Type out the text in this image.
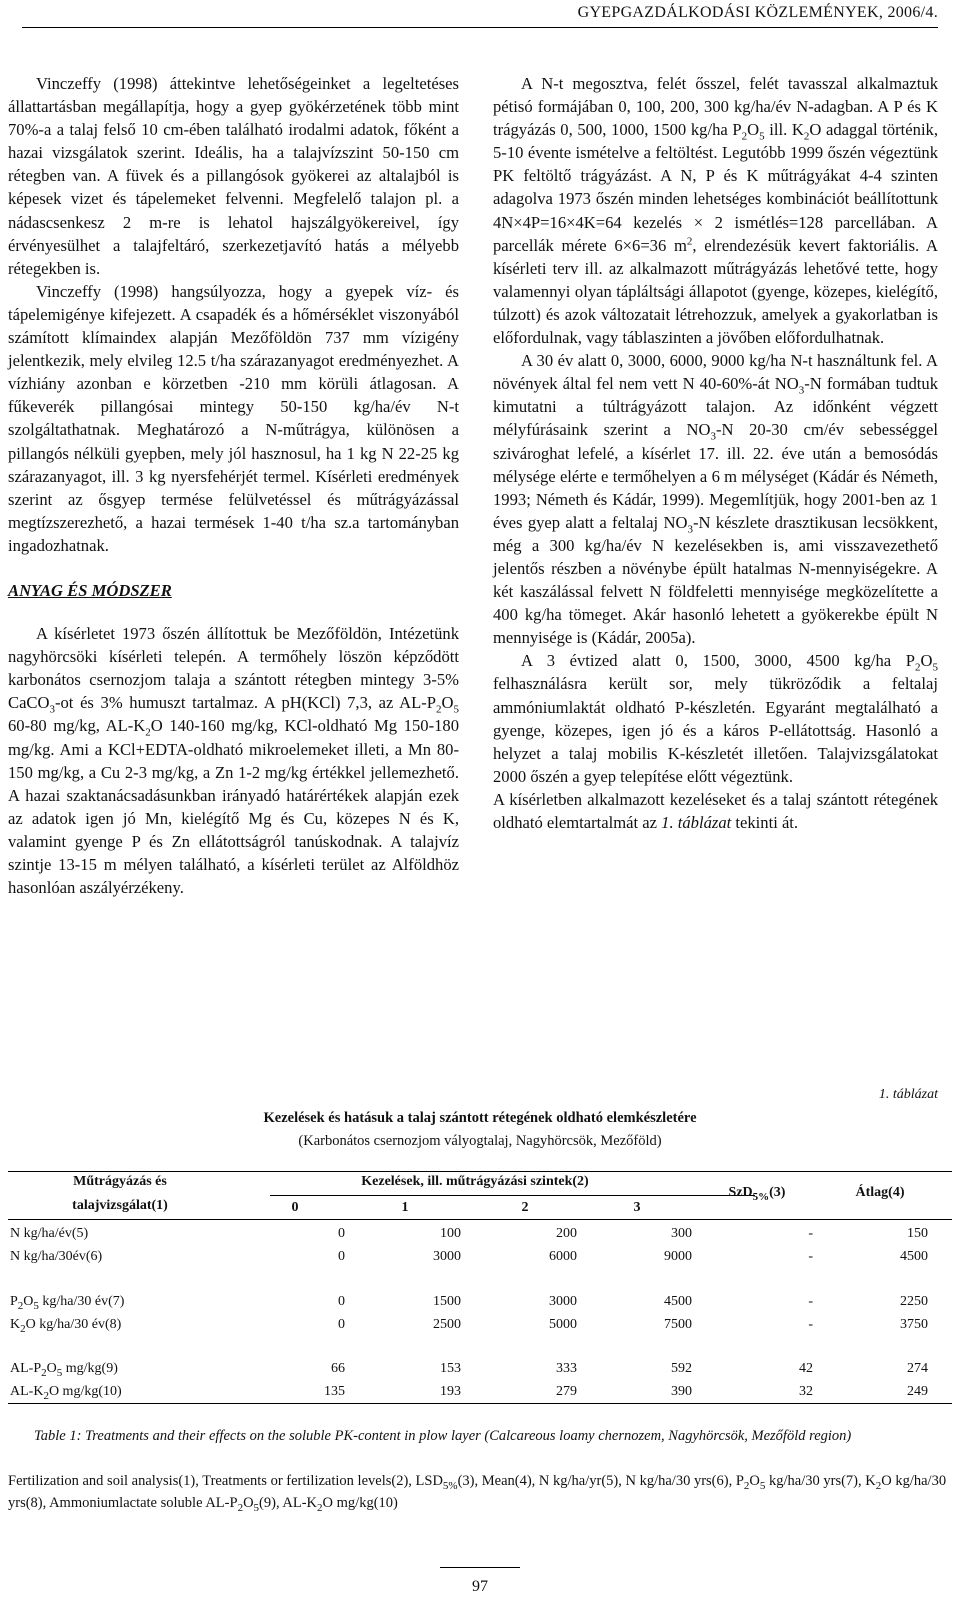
GYEPGAZDÁLKODÁSI KÖZLEMÉNYEK, 2006/4.

Vinczeffy (1998) áttekintve lehetőségeinket a legeltetéses állattartásban megállapítja, hogy a gyep gyökérzetének több mint 70%-a a talaj felső 10 cm-ében található irodalmi adatok, főként a hazai vizsgálatok szerint. Ideális, ha a talajvízszint 50-150 cm rétegben van. A füvek és a pillangósok gyökerei az altalajból is képesek vizet és tápelemeket felvenni. Megfelelő talajon pl. a nádascsenkesz 2 m-re is lehatol hajszálgyökereivel, így érvényesülhet a talajfeltáró, szerkezetjavító hatás a mélyebb rétegekben is.

Vinczeffy (1998) hangsúlyozza, hogy a gyepek víz- és tápelemigénye kifejezett. A csapadék és a hőmérséklet viszonyából számított klímaindex alapján Mezőföldön 737 mm vízigény jelentkezik, mely elvileg 12.5 t/ha szárazanyagot eredményezhet. A vízhiány azonban e körzetben -210 mm körüli átlagosan. A fűkeverék pillangósai mintegy 50-150 kg/ha/év N-t szolgáltathatnak. Meghatározó a N-műtrágya, különösen a pillangós nélküli gyepben, mely jól hasznosul, ha 1 kg N 22-25 kg szárazanyagot, ill. 3 kg nyersfehérjét termel. Kísérleti eredmények szerint az ősgyep termése felülvetéssel és műtrágyázással megtízszerezhető, a hazai termések 1-40 t/ha sz.a tartományban ingadozhatnak.

ANYAG ÉS MÓDSZER

A kísérletet 1973 őszén állítottuk be Mezőföldön, Intézetünk nagyhörcsöki kísérleti telepén. A termőhely löszön képződött karbonátos csernozjom talaja a szántott rétegben mintegy 3-5% CaCO$_3$-ot és 3% humuszt tartalmaz. A pH(KCl) 7,3, az $AL-P_2O_5$ 60-80 mg/kg, $AL-K_2O$ 140-160 mg/kg, KCl-oldható Mg 150-180 mg/kg. Ami a KCl+EDTA-oldható mikroelemeket illeti, a Mn 80-150 mg/kg, a Cu 2-3 mg/kg, a Zn 1-2 mg/kg értékkel jellemezhető. A hazai szaktanácsadásunkban irányadó határértékek alapján ezek az adatok igen jó Mn, kielégítő Mg és Cu, közepes N és K, valamint gyenge P és Zn ellátottságról tanúskodnak. A talajvíz szintje 13-15 m mélyen található, a kísérleti terület az Alföldhöz hasonlóan aszályérzékeny.

A N-t megosztva, felét ősszel, felét tavasszal alkalmaztuk pétisó formájában 0, 100, 200, 300 kg/ha/év N-adagban. A P és K trágyázás 0, 500, 1000, 1500 kg/ha $P_2O_5$ ill. $K_2O$ adaggal történik, 5-10 évente ismételve a feltöltést. Legutóbb 1999 őszén végeztünk PK feltöltő trágyázást. A N, P és K műtrágyákat 4-4 szinten adagolva 1973 őszén minden lehetséges kombinációt beállítottunk 4N×4P=16×4K=64 kezelés × 2 ismétlés=128 parcellában. A parcellák mérete 6×6=36 $m^2$, elrendezésük kevert faktoriális. A kísérleti terv ill. az alkalmazott műtrágyázás lehetővé tette, hogy valamennyi olyan tápláltsági állapotot (gyenge, közepes, kielégítő, túlzott) és azok változatait létrehozzuk, amelyek a gyakorlatban is előfordulnak, vagy táblaszinten a jövőben előfordulhatnak.

A 30 év alatt 0, 3000, 6000, 9000 kg/ha N-t használtunk fel. A növények által fel nem vett N 40-60%-át $NO_3-N$ formában tudtuk kimutatni a túltrágyázott talajon. Az időnként végzett mélyfúrásaink szerint a $NO_3-N$ 20-30 cm/év sebességgel szivároghat lefelé, a kísérlet 17. ill. 22. éve után a bemosódás mélysége elérte e termőhelyen a 6 m mélységet (Kádár és Németh, 1993; Németh és Kádár, 1999). Megemlítjük, hogy 2001-ben az 1 éves gyep alatt a feltalaj $NO_3-N$ készlete drasztikusan lecsökkent, még a 300 kg/ha/év N kezelésekben is, ami visszavezethető jelentős részben a növénybe épült hatalmas N-mennyiségekre. A két kaszálással felvett N földfeletti mennyisége megközelítette a 400 kg/ha tömeget. Akár hasonló lehetett a gyökerekbe épült N mennyisége is (Kádár, 2005a).

A 3 évtized alatt 0, 1500, 3000, 4500 kg/ha $P_2O_5$ felhasználásra került sor, mely tükröződik a feltalaj ammóniumlaktát oldható P-készletén. Egyaránt megtalálható a gyenge, közepes, igen jó és a káros P-ellátottság. Hasonló a helyzet a talaj mobilis K-készletét illetően. Talajvizsgálatokat 2000 őszén a gyep telepítése előtt végeztünk.

A kísérletben alkalmazott kezeléseket és a talaj szántott rétegének oldható elemtartalmát az 1. táblázat tekinti át.

1. táblázat
Kezelések és hatásuk a talaj szántott rétegének oldható elemkészletére
(Karbonátos csernozjom vályogtalaj, Nagyhörcsök, Mezőföld)
Műtrágyázás és
talajvizsgálat(1)
Kezelések, ill. műtrágyázási szintek(2)
0	1	2	3
SzD$_{5\%}$(3)	Átlag(4)
N kg/ha/év(5)	0	100	200	300	-	150
N kg/ha/30év(6)	0	3000	6000	9000	-	4500
$P_2O_5$ kg/ha/30 év(7)	0	1500	3000	4500	-	2250
$K_2O$ kg/ha/30 év(8)	0	2500	5000	7500	-	3750
$AL-P_2O_5$ mg/kg(9)	66	153	333	592	42	274
$AL-K_2O$ mg/kg(10)	135	193	279	390	32	249
Table 1: Treatments and their effects on the soluble PK-content in plow layer (Calcareous loamy chernozem, Nagyhörcsök, Mezőföld region)
Fertilization and soil analysis(1), Treatments or fertilization levels(2), $LSD_{5\%}(3)$, Mean(4), N kg/ha/yr(5), N kg/ha/30 yrs(6), $P_2O_5$ kg/ha/30 yrs(7), $K_2O$ kg/ha/30 yrs(8), Ammoniumlactate soluble $AL-P_2O_5(9)$, $AL-K_2O$ mg/kg(10)
97
